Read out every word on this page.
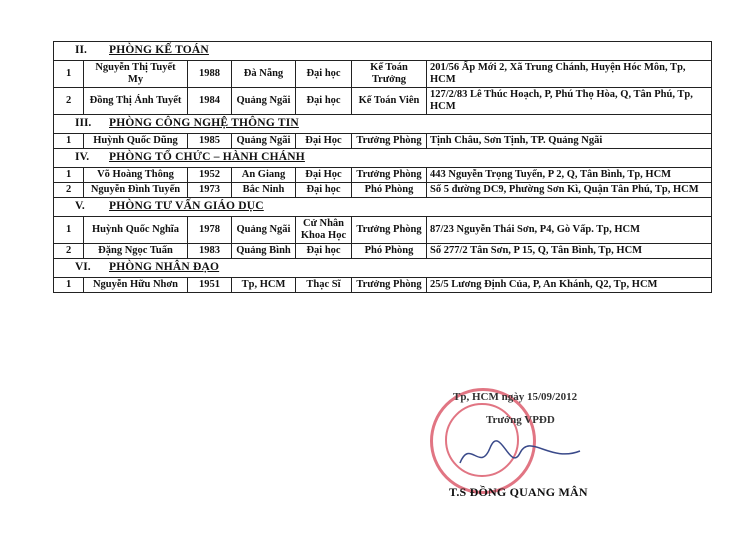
II. PHÒNG KẾ TOÁN						
1	Nguyễn Thị Tuyết My	1988	Đà Nẵng	Đại học	Kế Toán Trưởng	201/56 Ấp Mới 2, Xã Trung Chánh, Huyện Hóc Môn, Tp, HCM
2	Đồng Thị Ánh Tuyết	1984	Quảng Ngãi	Đại học	Kế Toán Viên	127/2/83 Lê Thúc Hoạch, P, Phú Thọ Hòa, Q, Tân Phú, Tp, HCM
III. PHÒNG CÔNG NGHỆ THÔNG TIN						
1	Huỳnh Quốc Dũng	1985	Quảng Ngãi	Đại Học	Trưởng Phòng	Tịnh Châu, Sơn Tịnh, TP. Quảng Ngãi
IV. PHÒNG TỔ CHỨC – HÀNH CHÁNH						
1	Võ Hoàng Thông	1952	An Giang	Đại Học	Trưởng Phòng	443 Nguyễn Trọng Tuyển, P 2, Q, Tân Bình, Tp, HCM
2	Nguyễn Đình Tuyến	1973	Bắc Ninh	Đại học	Phó Phòng	Số 5 đường DC9, Phường Sơn Kì, Quận Tân Phú, Tp, HCM
V. PHÒNG TƯ VẤN GIÁO DỤC						
1	Huỳnh Quốc Nghĩa	1978	Quảng Ngãi	Cử Nhân Khoa Học	Trưởng Phòng	87/23 Nguyễn Thái Sơn, P4, Gò Vấp. Tp, HCM
2	Đặng Ngọc Tuấn	1983	Quảng Bình	Đại học	Phó Phòng	Số 277/2 Tân Sơn, P 15, Q, Tân Bình, Tp, HCM
VI. PHÒNG NHÂN ĐẠO						
1	Nguyễn Hữu Nhơn	1951	Tp, HCM	Thạc Sĩ	Trưởng Phòng	25/5 Lương Định Của, P, An Khánh, Q2, Tp, HCM
Tp, HCM ngày 15/09/2012
Trưởng VPĐD
T.S ĐỒNG QUANG MÂN
